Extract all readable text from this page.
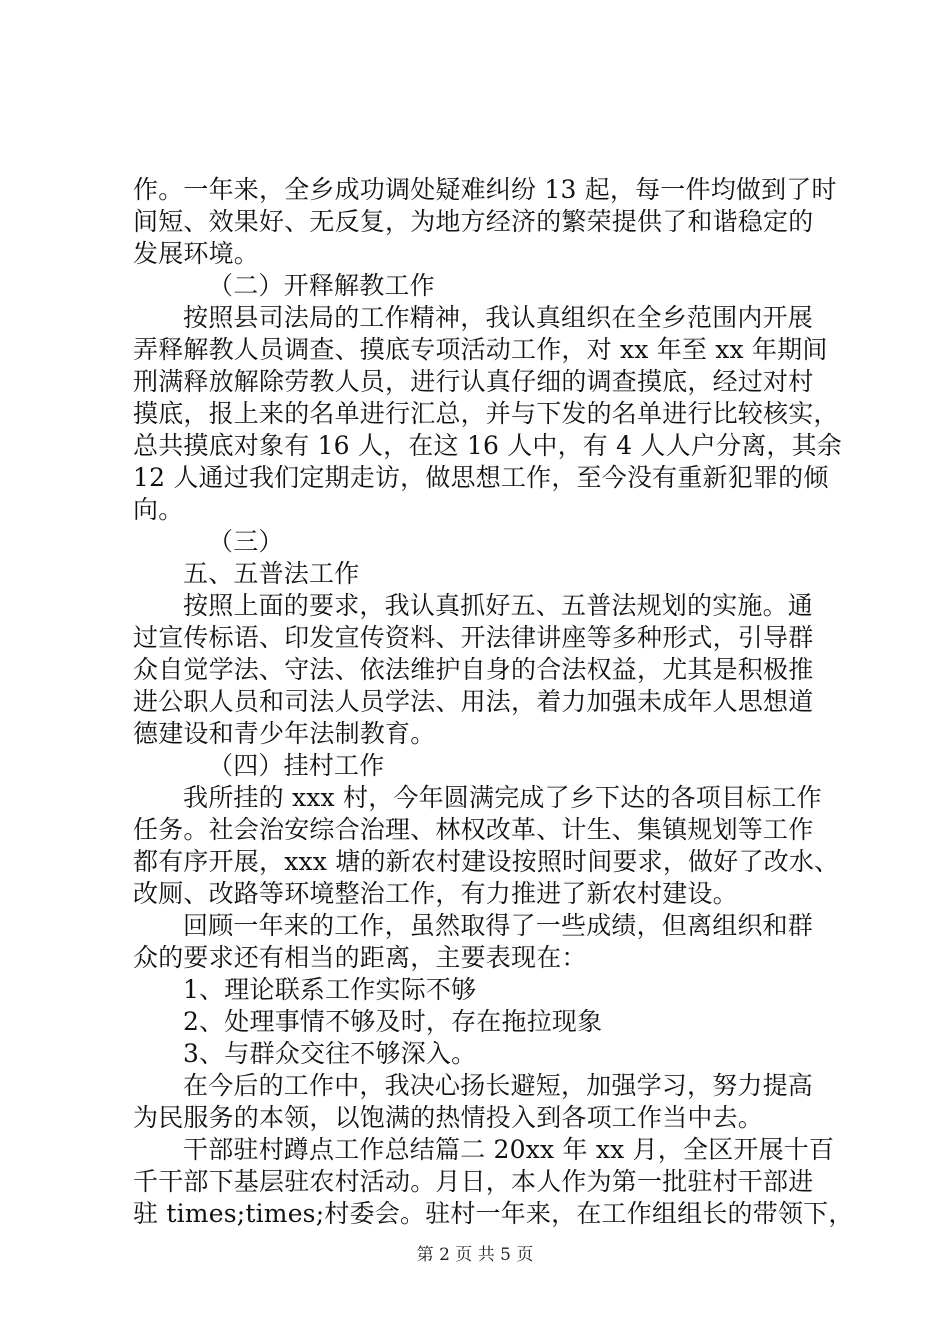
作。一年来，全乡成功调处疑难纠纷 13 起，每一件均做到了时
间短、效果好、无反复，为地方经济的繁荣提供了和谐稳定的
发展环境。
（二）开释解教工作
按照县司法局的工作精神，我认真组织在全乡范围内开展
弄释解教人员调查、摸底专项活动工作，对 xx 年至 xx 年期间
刑满释放解除劳教人员，进行认真仔细的调查摸底，经过对村
摸底，报上来的名单进行汇总，并与下发的名单进行比较核实，
总共摸底对象有 16 人，在这 16 人中，有 4 人人户分离，其余
12 人通过我们定期走访，做思想工作，至今没有重新犯罪的倾
向。
（三）
五、五普法工作
按照上面的要求，我认真抓好五、五普法规划的实施。通
过宣传标语、印发宣传资料、开法律讲座等多种形式，引导群
众自觉学法、守法、依法维护自身的合法权益，尤其是积极推
进公职人员和司法人员学法、用法，着力加强未成年人思想道
德建设和青少年法制教育。
（四）挂村工作
我所挂的 xxx 村，今年圆满完成了乡下达的各项目标工作
任务。社会治安综合治理、林权改革、计生、集镇规划等工作
都有序开展，xxx 塘的新农村建设按照时间要求，做好了改水、
改厕、改路等环境整治工作，有力推进了新农村建设。
回顾一年来的工作，虽然取得了一些成绩，但离组织和群
众的要求还有相当的距离，主要表现在：
1、理论联系工作实际不够
2、处理事情不够及时，存在拖拉现象
3、与群众交往不够深入。
在今后的工作中，我决心扬长避短，加强学习，努力提高
为民服务的本领，以饱满的热情投入到各项工作当中去。
干部驻村蹲点工作总结篇二 20xx 年 xx 月，全区开展十百
千干部下基层驻农村活动。月日，本人作为第一批驻村干部进
驻 times;times;村委会。驻村一年来，在工作组组长的带领下，
第 2 页 共 5 页
